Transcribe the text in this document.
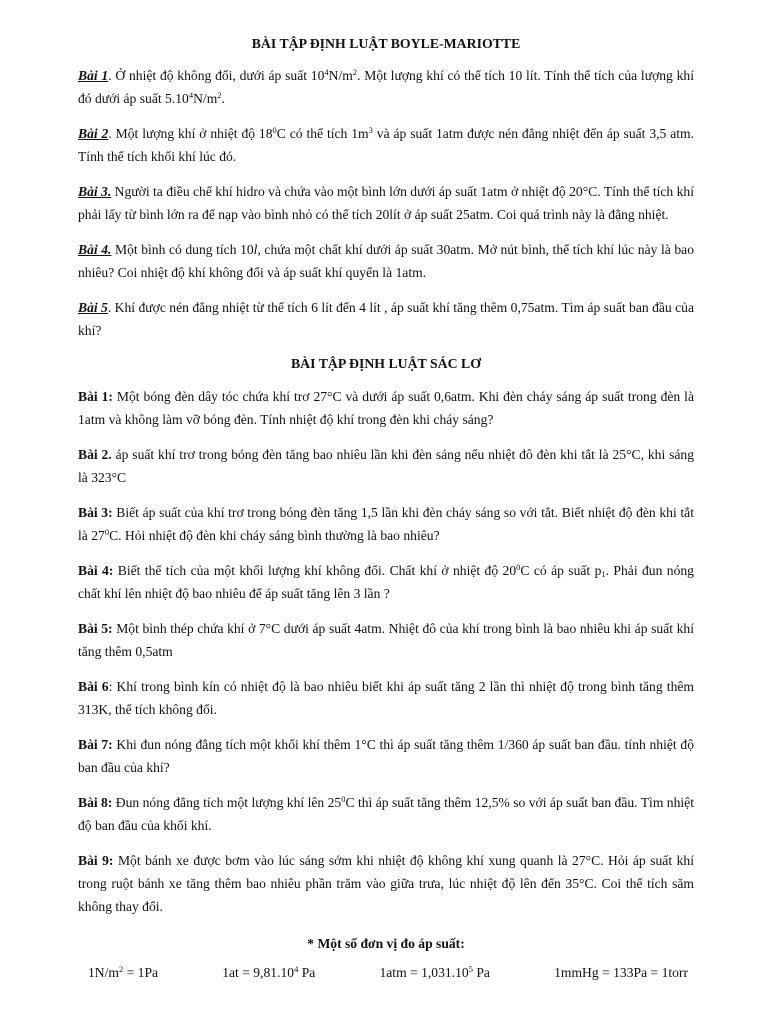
BÀI TẬP ĐỊNH LUẬT BOYLE-MARIOTTE

Bài 1. Ở nhiệt độ không đổi, dưới áp suất $10^4N/m^2$. Một lượng khí có thể tích 10 lít. Tính thể tích của lượng khí đó dưới áp suất $5.10^4N/m^2$.

Bài 2. Một lượng khí ở nhiệt độ $18^0C$ có thể tích $1m^3$ và áp suất 1atm được nén đẳng nhiệt đến áp suất 3,5 atm. Tính thể tích khối khí lúc đó.

Bài 3. Người ta điều chế khí hidro và chứa vào một bình lớn dưới áp suất 1atm ở nhiệt độ 20°C. Tính thể tích khí phải lấy từ bình lớn ra để nạp vào bình nhỏ có thể tích 20lít ở áp suất 25atm. Coi quá trình này là đẳng nhiệt.

Bài 4. Một bình có dung tích 10l, chứa một chất khí dưới áp suất 30atm. Mở nút bình, thể tích khí lúc này là bao nhiêu? Coi nhiệt độ khí không đổi và áp suất khí quyển là 1atm.

Bài 5. Khí được nén đẳng nhiệt từ thể tích 6 lít đến 4 lít , áp suất khí tăng thêm 0,75atm. Tìm áp suất ban đầu của khí?

BÀI TẬP ĐỊNH LUẬT SÁC LƠ

Bài 1: Một bóng đèn dây tóc chứa khí trơ 27°C và dưới áp suất 0,6atm. Khi đèn cháy sáng áp suất trong đèn là 1atm và không làm vỡ bóng đèn. Tính nhiệt độ khí trong đèn khi cháy sáng?

Bài 2. áp suất khí trơ trong bóng đèn tăng bao nhiêu lần khi đèn sáng nếu nhiệt đô đèn khi tắt là 25°C, khi sáng là 323°C

Bài 3: Biết áp suất của khí trơ trong bóng đèn tăng 1,5 lần khi đèn cháy sáng so với tắt. Biết nhiệt độ đèn khi tắt là $27^0C$. Hỏi nhiệt độ đèn khi cháy sáng bình thường là bao nhiêu?

Bài 4: Biết thể tích của một khối lượng khí không đổi. Chất khí ở nhiệt độ $20^0C$ có áp suất $p_1$. Phải đun nóng chất khí lên nhiệt độ bao nhiêu để áp suất tăng lên 3 lần ?

Bài 5: Một bình thép chứa khí ở 7°C dưới áp suất 4atm. Nhiệt đô của khí trong bình là bao nhiêu khi áp suất khí tăng thêm 0,5atm

Bài 6: Khí trong bình kín có nhiệt độ là bao nhiêu biết khi áp suất tăng 2 lần thì nhiệt độ trong bình tăng thêm 313K, thể tích không đổi.

Bài 7: Khi đun nóng đẳng tích một khối khí thêm 1°C thì áp suất tăng thêm 1/360 áp suất ban đầu. tính nhiệt độ ban đầu của khí?

Bài 8: Đun nóng đẳng tích một lượng khí lên $25^0C$ thì áp suất tăng thêm 12,5% so với áp suất ban đầu. Tìm nhiệt độ ban đầu của khối khí.

Bài 9: Một bánh xe được bơm vào lúc sáng sớm khi nhiệt độ không khí xung quanh là 27°C. Hỏi áp suất khí trong ruột bánh xe tăng thêm bao nhiêu phần trăm vào giữa trưa, lúc nhiệt độ lên đến 35°C. Coi thể tích săm không thay đổi.

* Một số đơn vị đo áp suất:
$1N/m^2 = 1Pa$	$1at = 9,81.10^4$ Pa	$1atm = 1,031.10^5$ Pa	1mmHg = 133Pa = 1torr
